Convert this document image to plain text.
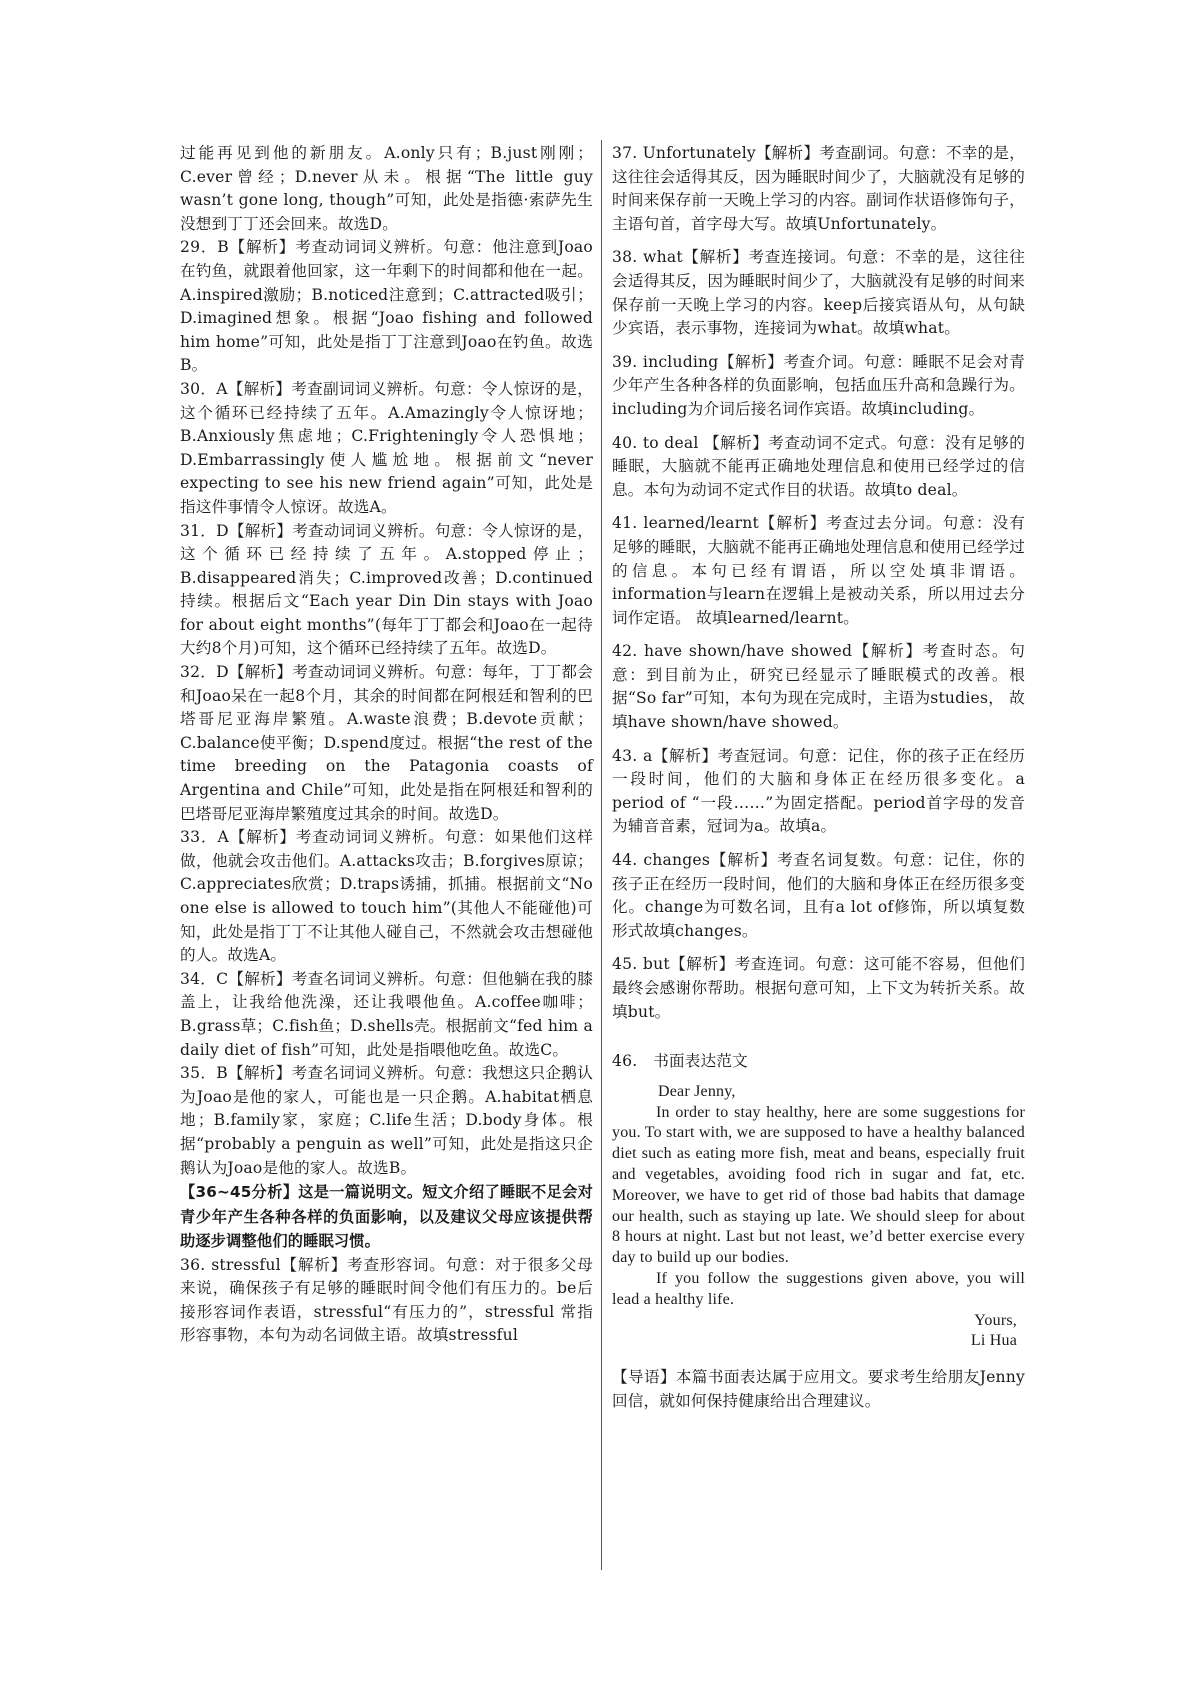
过能再见到他的新朋友。A.only只有；B.just刚刚；C.ever曾经；D.never从未。根据“The little guy wasn’t gone long, though”可知，此处是指德·索萨先生没想到丁丁还会回来。故选D。

29．B【解析】考查动词词义辨析。句意：他注意到Joao在钓鱼，就跟着他回家，这一年剩下的时间都和他在一起。A.inspired激励；B.noticed注意到；C.attracted吸引；D.imagined想象。根据“Joao fishing and followed him home”可知，此处是指丁丁注意到Joao在钓鱼。故选B。

30．A【解析】考查副词词义辨析。句意：令人惊讶的是，这个循环已经持续了五年。A.Amazingly令人惊讶地；B.Anxiously焦虑地；C.Frighteningly令人恐惧地；D.Embarrassingly使人尴尬地。根据前文“never expecting to see his new friend again”可知，此处是指这件事情令人惊讶。故选A。

31．D【解析】考查动词词义辨析。句意：令人惊讶的是，这个循环已经持续了五年。A.stopped停止；B.disappeared消失；C.improved改善；D.continued持续。根据后文“Each year Din Din stays with Joao for about eight months”(每年丁丁都会和Joao在一起待大约8个月)可知，这个循环已经持续了五年。故选D。

32．D【解析】考查动词词义辨析。句意：每年，丁丁都会和Joao呆在一起8个月，其余的时间都在阿根廷和智利的巴塔哥尼亚海岸繁殖。A.waste浪费；B.devote贡献；C.balance使平衡；D.spend度过。根据“the rest of the time breeding on the Patagonia coasts of Argentina and Chile”可知，此处是指在阿根廷和智利的巴塔哥尼亚海岸繁殖度过其余的时间。故选D。

33．A【解析】考查动词词义辨析。句意：如果他们这样做，他就会攻击他们。A.attacks攻击；B.forgives原谅；C.appreciates欣赏；D.traps诱捕，抓捕。根据前文“No one else is allowed to touch him”(其他人不能碰他)可知，此处是指丁丁不让其他人碰自己，不然就会攻击想碰他的人。故选A。

34．C【解析】考查名词词义辨析。句意：但他躺在我的膝盖上，让我给他洗澡，还让我喂他鱼。A.coffee咖啡；B.grass草；C.fish鱼；D.shells壳。根据前文“fed him a daily diet of fish”可知，此处是指喂他吃鱼。故选C。

35．B【解析】考查名词词义辨析。句意：我想这只企鹅认为Joao是他的家人，可能也是一只企鹅。A.habitat栖息地；B.family家，家庭；C.life生活；D.body身体。根据“probably a penguin as well”可知，此处是指这只企鹅认为Joao是他的家人。故选B。

【36~45分析】这是一篇说明文。短文介绍了睡眠不足会对青少年产生各种各样的负面影响，以及建议父母应该提供帮助逐步调整他们的睡眠习惯。

36. stressful【解析】考查形容词。句意：对于很多父母来说，确保孩子有足够的睡眠时间令他们有压力的。be后接形容词作表语，stressful“有压力的”，stressful 常指形容事物，本句为动名词做主语。故填stressful

37. Unfortunately【解析】考查副词。句意：不幸的是，这往往会适得其反，因为睡眠时间少了，大脑就没有足够的时间来保存前一天晚上学习的内容。副词作状语修饰句子，主语句首，首字母大写。故填Unfortunately。

38. what【解析】考查连接词。句意：不幸的是，这往往会适得其反，因为睡眠时间少了，大脑就没有足够的时间来保存前一天晚上学习的内容。keep后接宾语从句，从句缺少宾语，表示事物，连接词为what。故填what。

39. including【解析】考查介词。句意：睡眠不足会对青少年产生各种各样的负面影响，包括血压升高和急躁行为。including为介词后接名词作宾语。故填including。

40. to deal 【解析】考查动词不定式。句意：没有足够的睡眠，大脑就不能再正确地处理信息和使用已经学过的信息。本句为动词不定式作目的状语。故填to deal。

41. learned/learnt【解析】考查过去分词。句意：没有足够的睡眠，大脑就不能再正确地处理信息和使用已经学过的信息。本句已经有谓语，所以空处填非谓语。information与learn在逻辑上是被动关系，所以用过去分词作定语。 故填learned/learnt。

42. have shown/have showed【解析】考查时态。句意：到目前为止，研究已经显示了睡眠模式的改善。根据“So far”可知，本句为现在完成时，主语为studies， 故填have shown/have showed。

43. a【解析】考查冠词。句意：记住，你的孩子正在经历一段时间，他们的大脑和身体正在经历很多变化。a period of “一段……”为固定搭配。period首字母的发音为辅音音素，冠词为a。故填a。

44. changes【解析】考查名词复数。句意：记住，你的孩子正在经历一段时间，他们的大脑和身体正在经历很多变化。change为可数名词，且有a lot of修饰，所以填复数形式故填changes。

45. but【解析】考查连词。句意：这可能不容易，但他们最终会感谢你帮助。根据句意可知，上下文为转折关系。故填but。

46.　书面表达范文

Dear Jenny,

In order to stay healthy, here are some suggestions for you. To start with, we are supposed to have a healthy balanced diet such as eating more fish, meat and beans, especially fruit and vegetables, avoiding food rich in sugar and fat, etc. Moreover, we have to get rid of those bad habits that damage our health, such as staying up late. We should sleep for about 8 hours at night. Last but not least, we’d better exercise every day to build up our bodies.

If you follow the suggestions given above, you will lead a healthy life.

Yours,

Li Hua

【导语】本篇书面表达属于应用文。要求考生给朋友Jenny回信，就如何保持健康给出合理建议。
